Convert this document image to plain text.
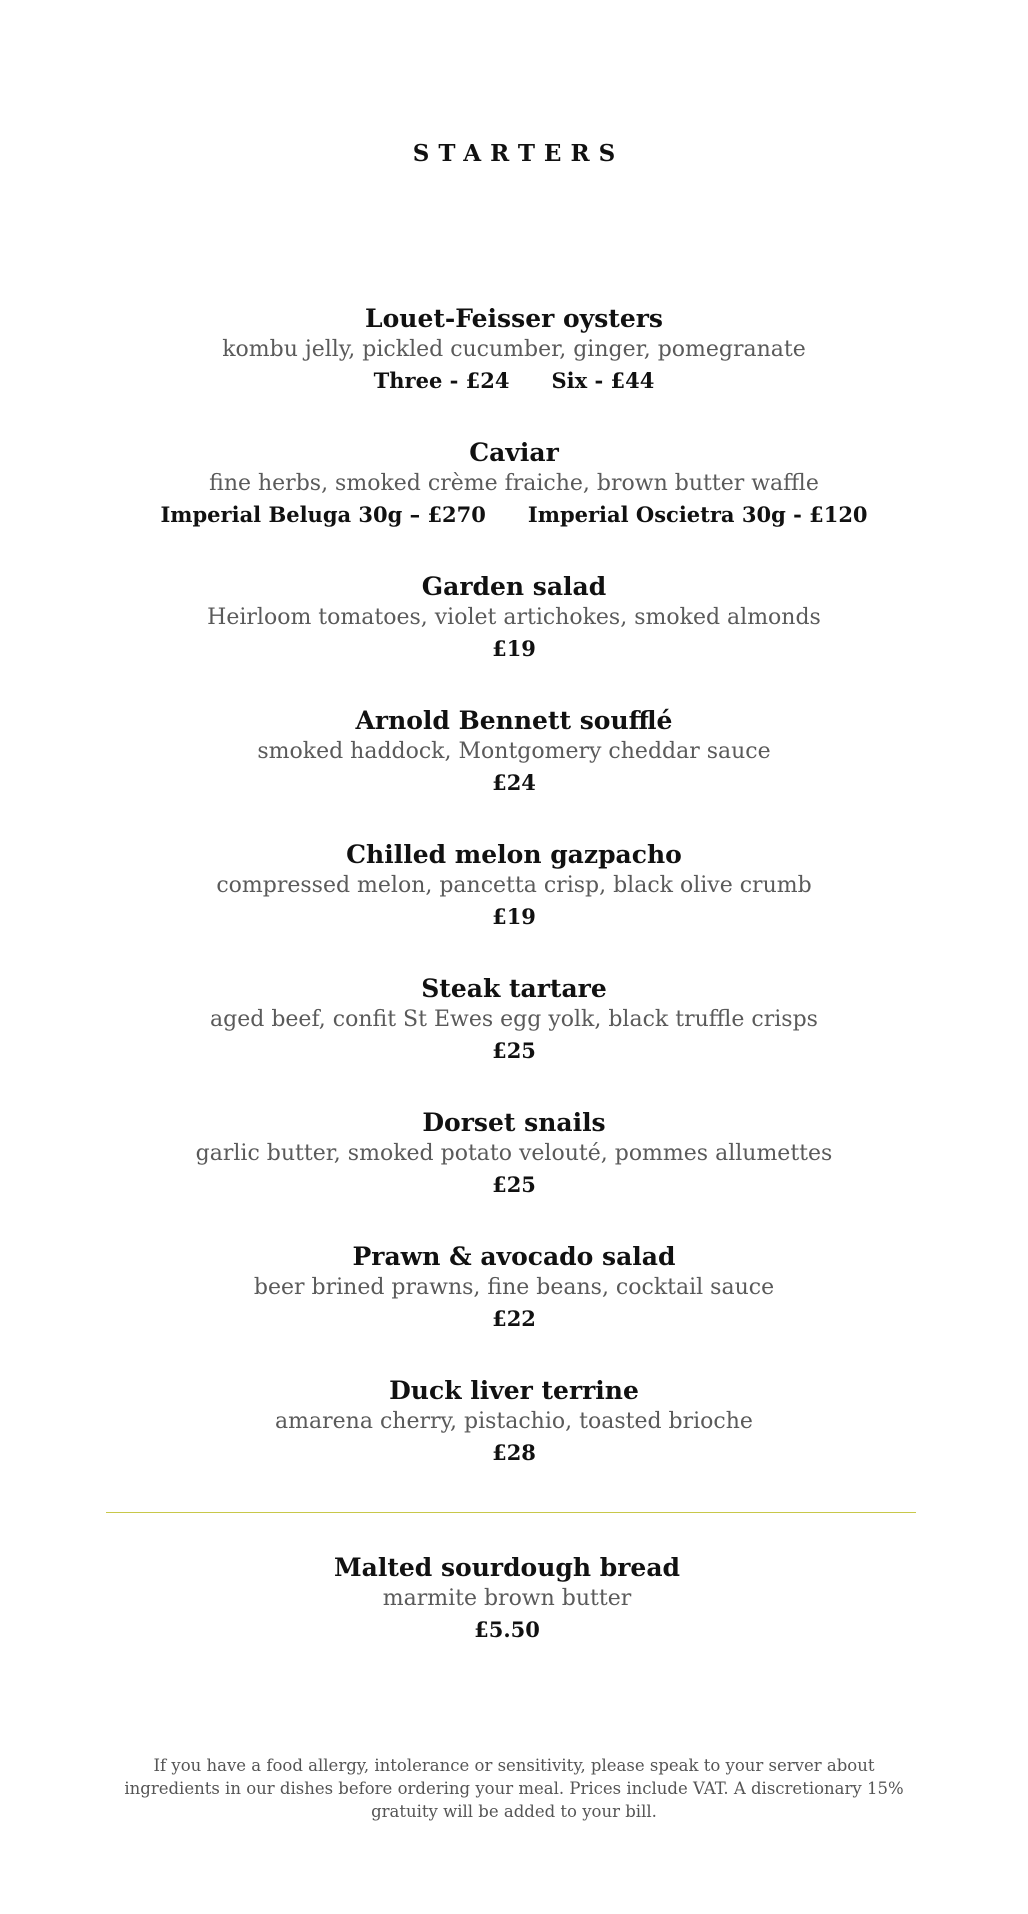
STARTERS
Louet-Feisser oysters
kombu jelly, pickled cucumber, ginger, pomegranate
Three - £24 Six - £44
Caviar
fine herbs, smoked crème fraiche, brown butter waffle
Imperial Beluga 30g – £270 Imperial Oscietra 30g - £120
Garden salad
Heirloom tomatoes, violet artichokes, smoked almonds
£19
Arnold Bennett soufflé
smoked haddock, Montgomery cheddar sauce
£24
Chilled melon gazpacho
compressed melon, pancetta crisp, black olive crumb
£19
Steak tartare
aged beef, confit St Ewes egg yolk, black truffle crisps
£25
Dorset snails
garlic butter, smoked potato velouté, pommes allumettes
£25
Prawn & avocado salad
beer brined prawns, fine beans, cocktail sauce
£22
Duck liver terrine
amarena cherry, pistachio, toasted brioche
£28
Malted sourdough bread
marmite brown butter
£5.50
If you have a food allergy, intolerance or sensitivity, please speak to your server about ingredients in our dishes before ordering your meal. Prices include VAT. A discretionary 15% gratuity will be added to your bill.
